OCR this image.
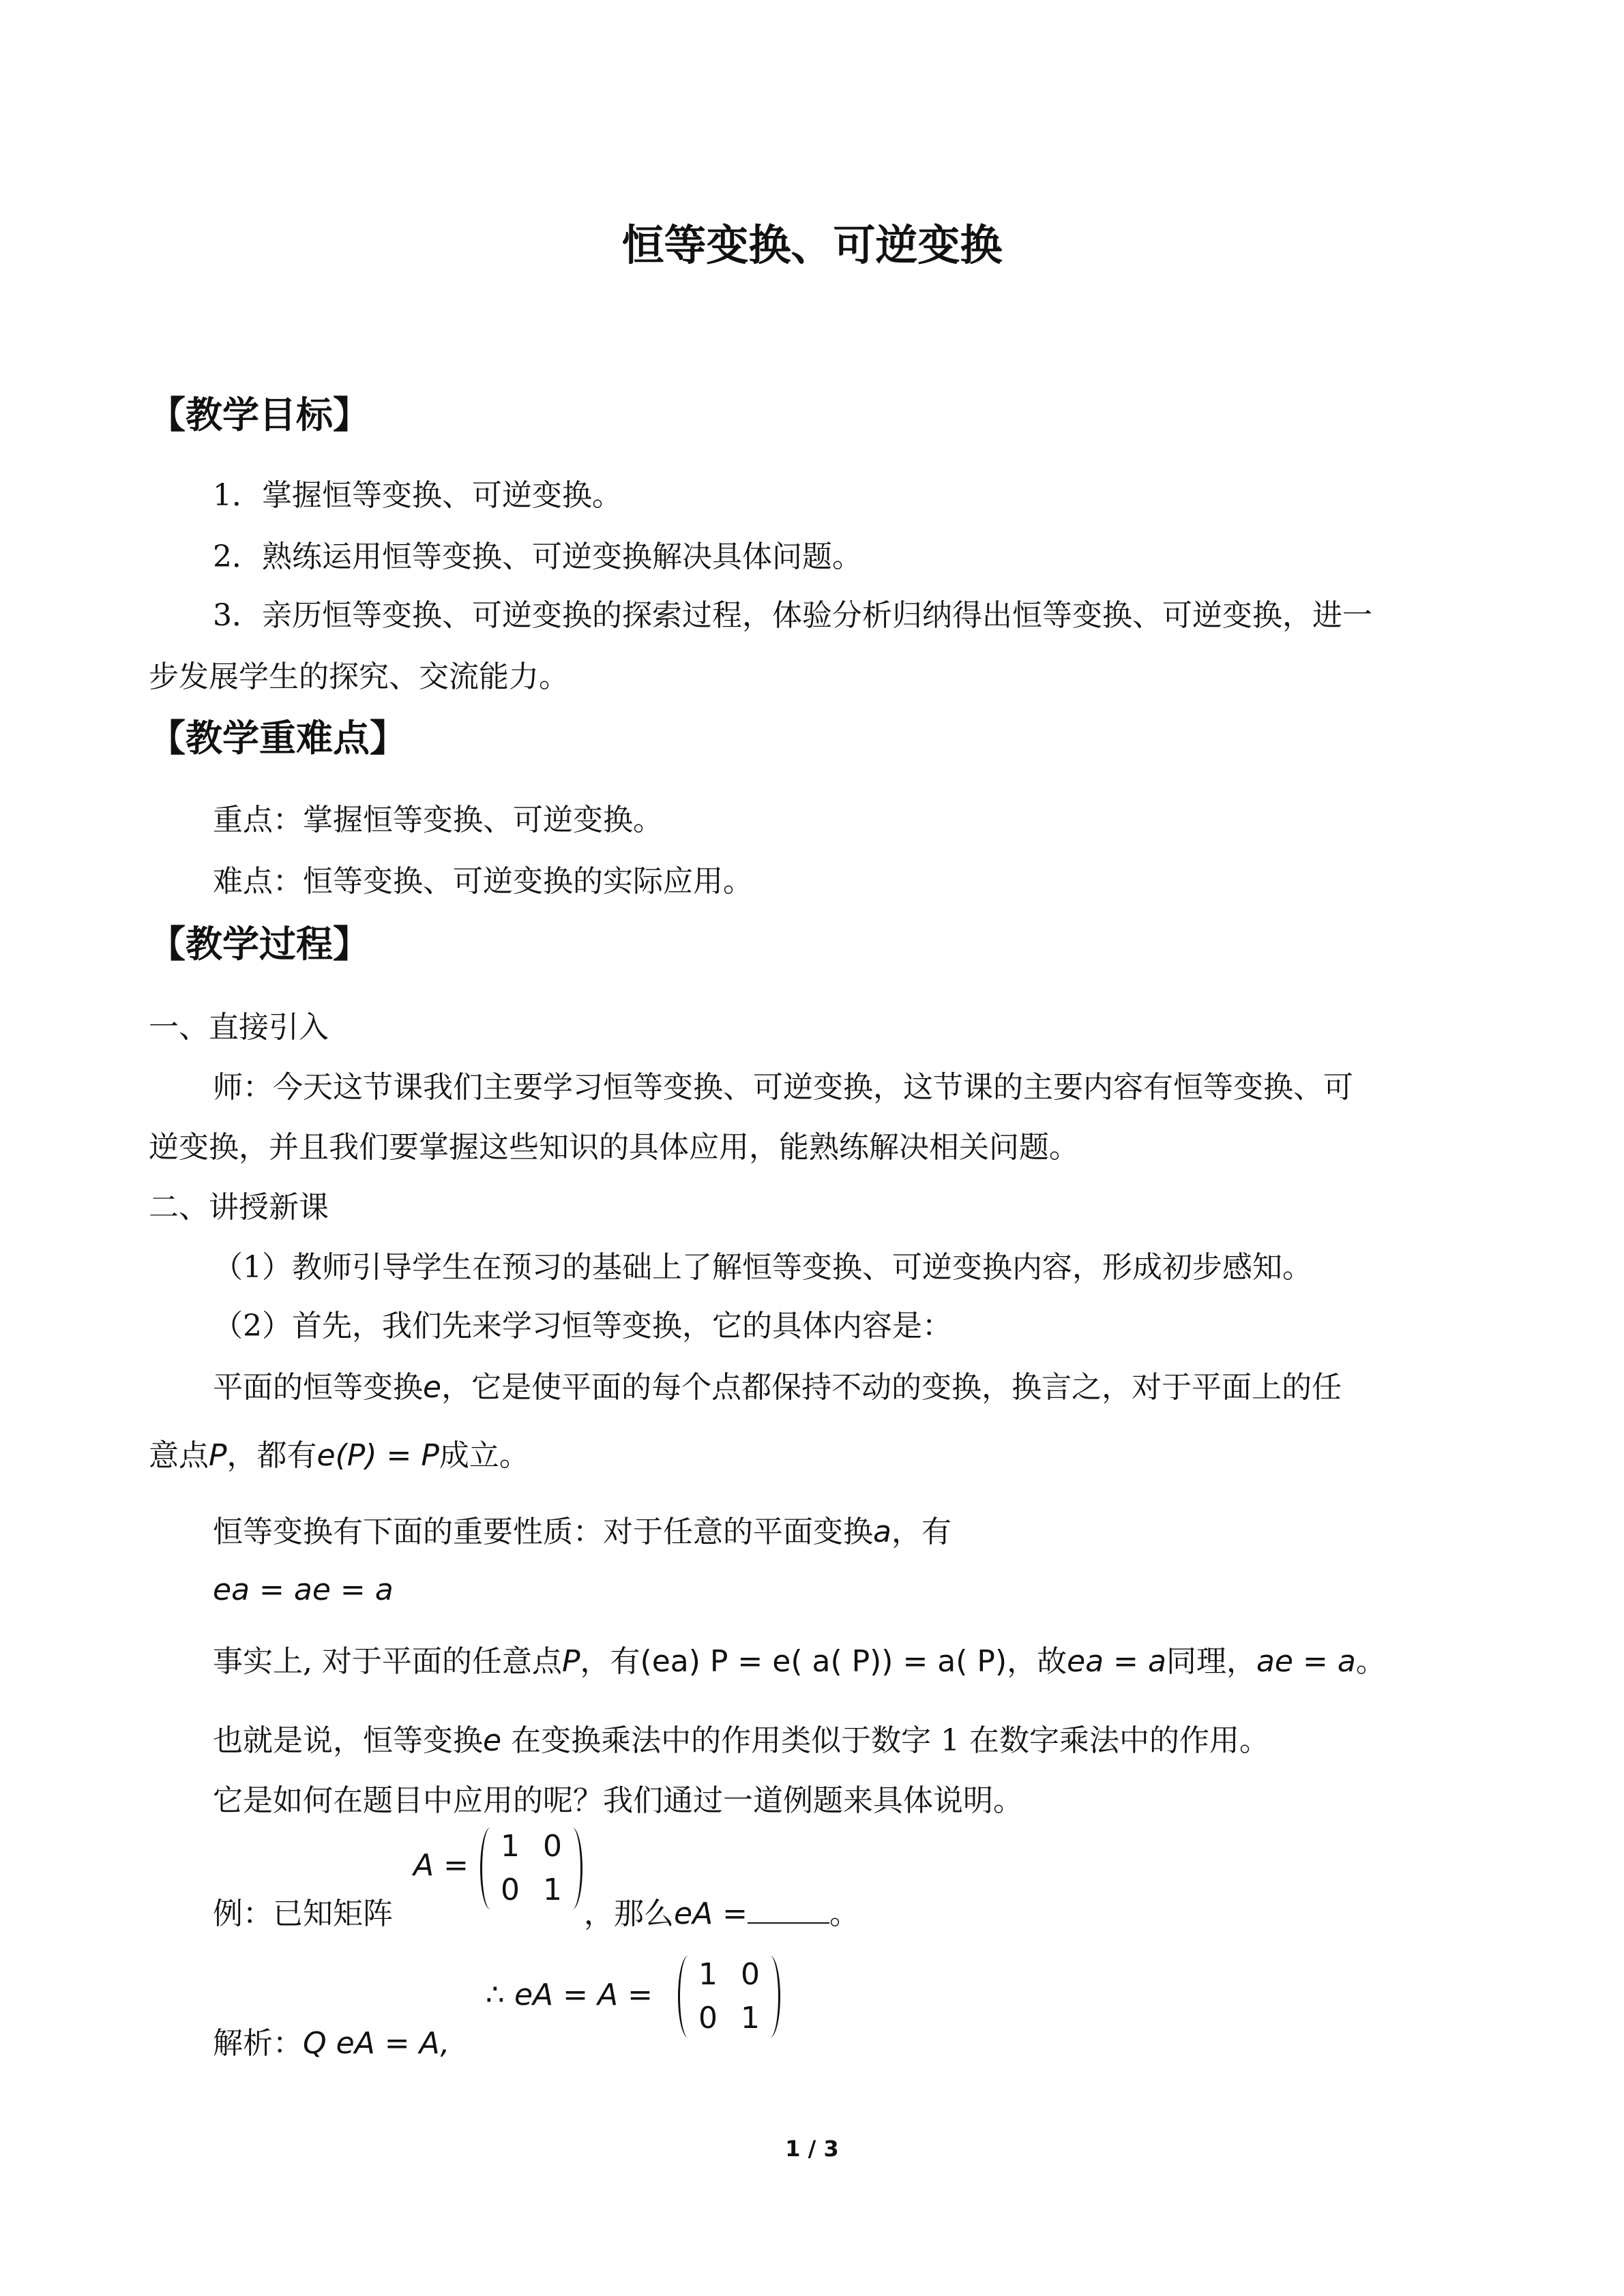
恒等变换、可逆变换
【教学目标】
1．掌握恒等变换、可逆变换。
2．熟练运用恒等变换、可逆变换解决具体问题。
3．亲历恒等变换、可逆变换的探索过程，体验分析归纳得出恒等变换、可逆变换，进一
步发展学生的探究、交流能力。
【教学重难点】
重点：掌握恒等变换、可逆变换。
难点：恒等变换、可逆变换的实际应用。
【教学过程】
一、直接引入
师：今天这节课我们主要学习恒等变换、可逆变换，这节课的主要内容有恒等变换、可
逆变换，并且我们要掌握这些知识的具体应用，能熟练解决相关问题。
二、讲授新课
（1）教师引导学生在预习的基础上了解恒等变换、可逆变换内容，形成初步感知。
（2）首先，我们先来学习恒等变换，它的具体内容是：
平面的恒等变换e，它是使平面的每个点都保持不动的变换，换言之，对于平面上的任
意点P，都有e(P) = P成立。
恒等变换有下面的重要性质：对于任意的平面变换a，有
ea = ae = a
事实上, 对于平面的任意点P，有(ea) P = e( a( P)) = a( P)，故ea = a同理，ae = a。
也就是说，恒等变换e 在变换乘法中的作用类似于数字 1 在数字乘法中的作用。
它是如何在题目中应用的呢？我们通过一道例题来具体说明。
例：已知矩阵
A =
1 0
0 1
，那么eA =	。
解析：Q eA = A,
∴ eA = A =
1 0
0 1
1 / 3
